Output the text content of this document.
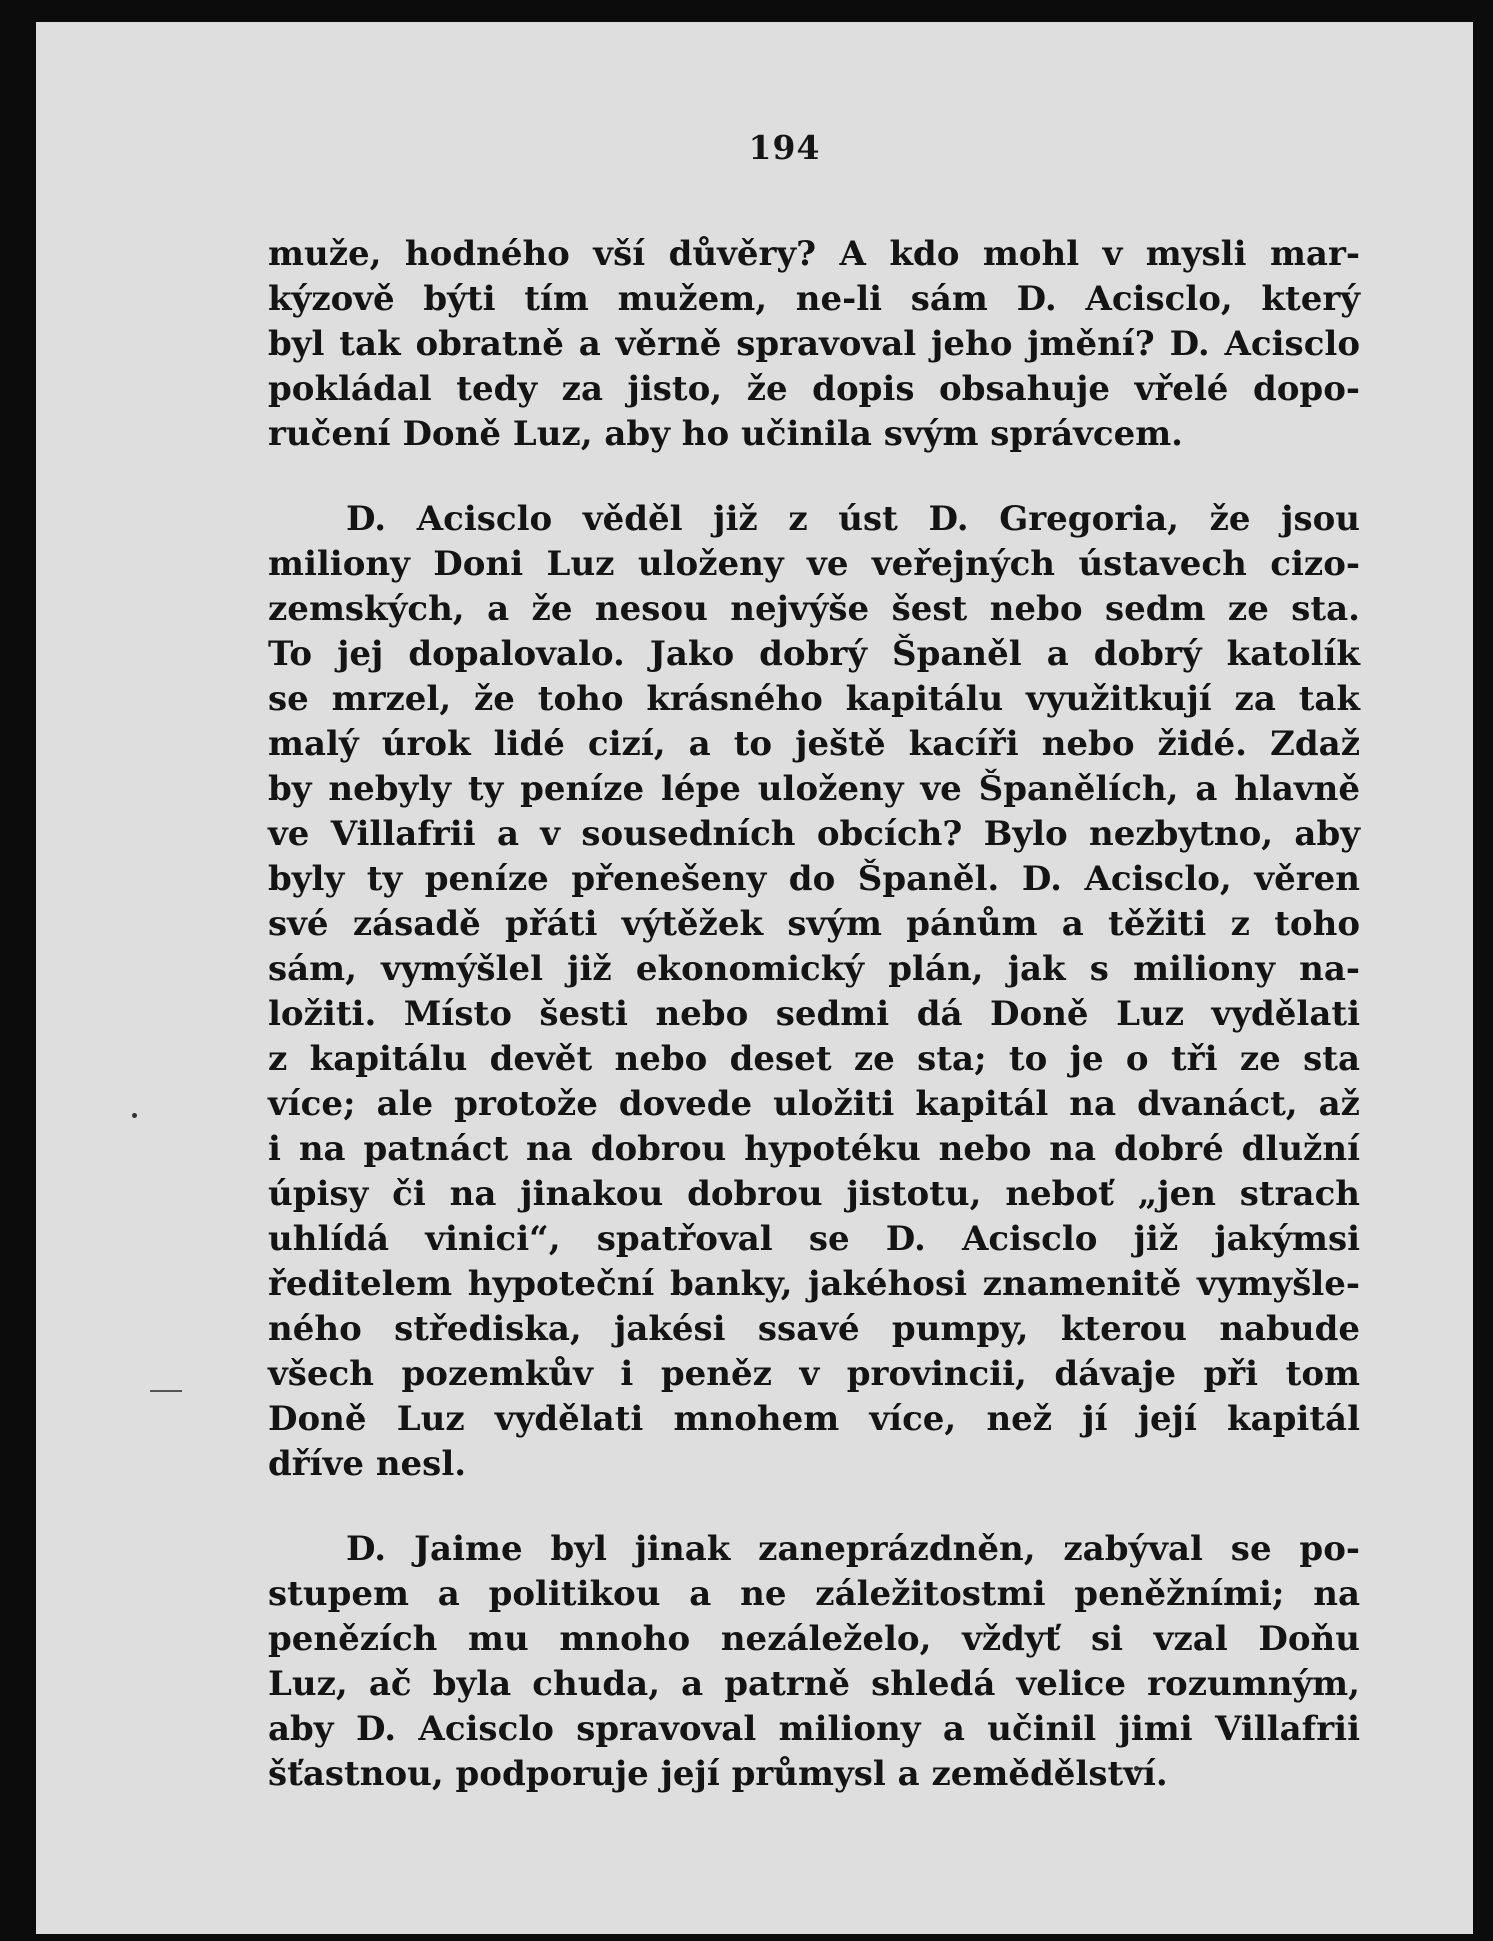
194
muže, hodného vší důvěry? A kdo mohl v mysli mar-
kýzově býti tím mužem, ne-li sám D. Acisclo, který
byl tak obratně a věrně spravoval jeho jmění? D. Acisclo
pokládal tedy za jisto, že dopis obsahuje vřelé dopo-
ručení Doně Luz, aby ho učinila svým správcem.
D. Acisclo věděl již z úst D. Gregoria, že jsou
miliony Doni Luz uloženy ve veřejných ústavech cizo-
zemských, a že nesou nejvýše šest nebo sedm ze sta.
To jej dopalovalo. Jako dobrý Španěl a dobrý katolík
se mrzel, že toho krásného kapitálu využitkují za tak
malý úrok lidé cizí, a to ještě kacíři nebo židé. Zdaž
by nebyly ty peníze lépe uloženy ve Španělích, a hlavně
ve Villafrii a v sousedních obcích? Bylo nezbytno, aby
byly ty peníze přenešeny do Španěl. D. Acisclo, věren
své zásadě přáti výtěžek svým pánům a těžiti z toho
sám, vymýšlel již ekonomický plán, jak s miliony na-
ložiti. Místo šesti nebo sedmi dá Doně Luz vydělati
z kapitálu devět nebo deset ze sta; to je o tři ze sta
více; ale protože dovede uložiti kapitál na dvanáct, až
i na patnáct na dobrou hypotéku nebo na dobré dlužní
úpisy či na jinakou dobrou jistotu, neboť „jen strach
uhlídá vinici“, spatřoval se D. Acisclo již jakýmsi
ředitelem hypoteční banky, jakéhosi znamenitě vymyšle-
ného střediska, jakési ssavé pumpy, kterou nabude
všech pozemkův i peněz v provincii, dávaje při tom
Doně Luz vydělati mnohem více, než jí její kapitál
dříve nesl.
D. Jaime byl jinak zaneprázdněn, zabýval se po-
stupem a politikou a ne záležitostmi peněžními; na
penězích mu mnoho nezáleželo, vždyť si vzal Doňu
Luz, ač byla chuda, a patrně shledá velice rozumným,
aby D. Acisclo spravoval miliony a učinil jimi Villafrii
šťastnou, podporuje její průmysl a zemědělství.
